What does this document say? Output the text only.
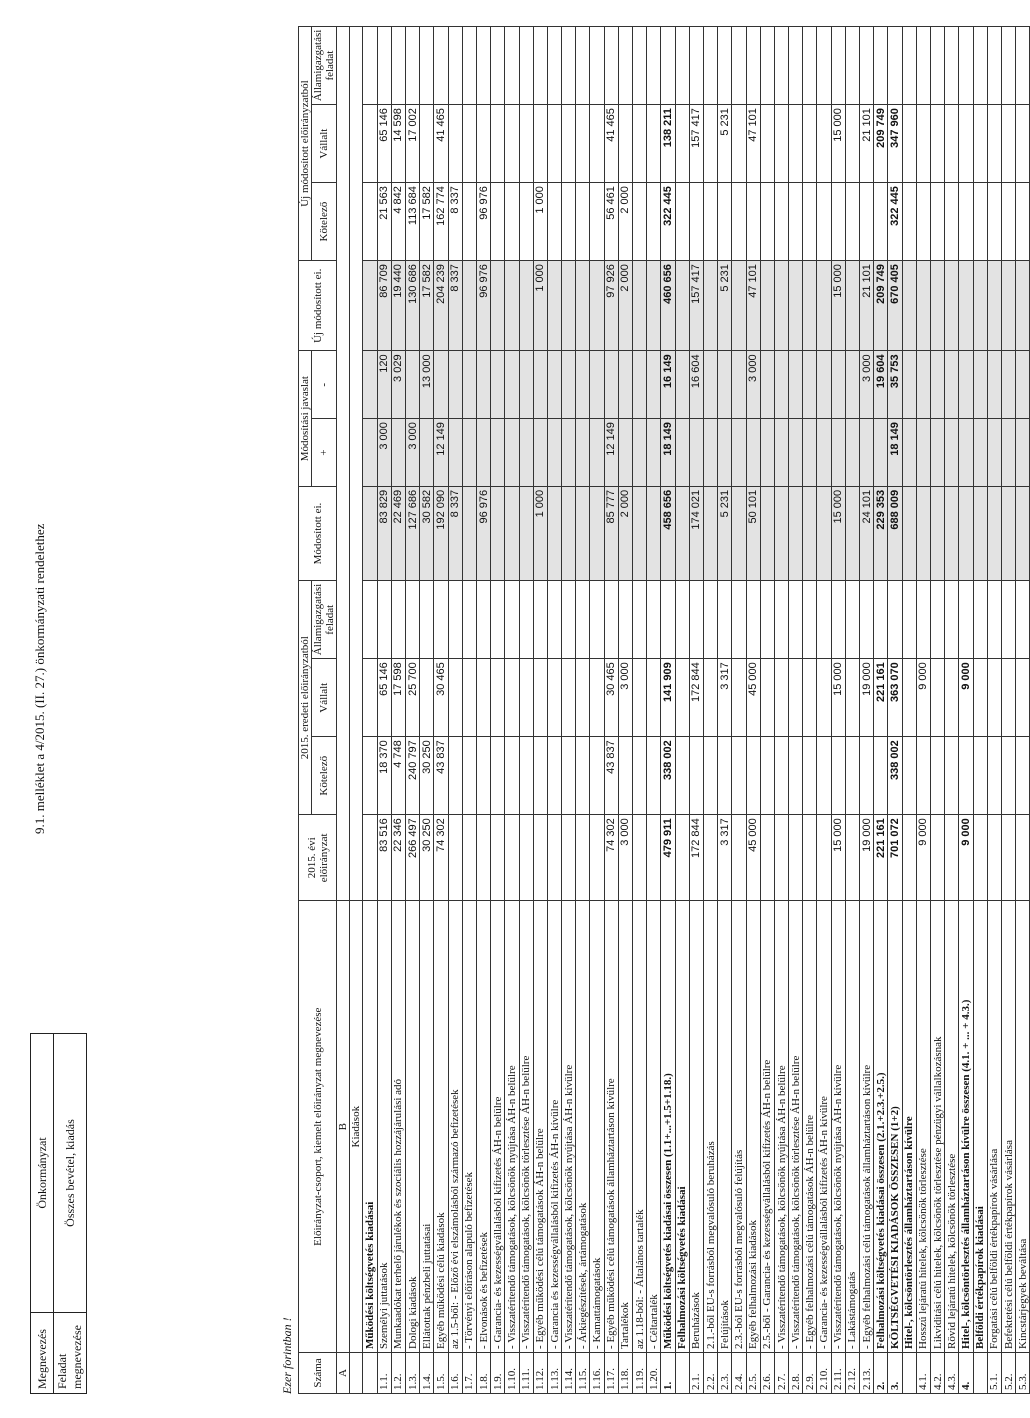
9.1. melléklet a 4/2015. (II. 27.) önkormányzati rendelethez
Megnevezés	Önkormányzat
Feladat megnevezése	Összes bevétel, kiadás
Ezer forintban ! Száma	Előirányzat-csoport, kiemelt előirányzat megnevezése	2015. évi előirányzat	2015. eredeti előirányzatból			Módosított ei.	Módosítási javaslat		Új módosított ei.	Új módosított előirányzatból		
			Kötelező	Vállalt	Államigazgatási feladat					Kötelező	Vállalt	Államigazgatási feladat
							+	-				
A	B											
	Kiadások											
	Működési költségvetés kiadásai											
1.1.	Személyi juttatások	83 516	18 370	65 146		83 829	3 000	120	86 709	21 563	65 146	
1.2.	Munkaadókat terhelő járulékok és szociális hozzájárulási adó	22 346	4 748	17 598		22 469		3 029	19 440	4 842	14 598	
1.3.	Dologi kiadások	266 497	240 797	25 700		127 686	3 000		130 686	113 684	17 002	
1.4.	Ellátottak pénzbeli juttatásai	30 250	30 250			30 582		13 000	17 582	17 582		
1.5.	Egyéb működési célú kiadások	74 302	43 837	30 465		192 090	12 149		204 239	162 774	41 465	
1.6.	az 1.5-ből: - Előző évi elszámolásból származó befizetések					8 337			8 337	8 337		
1.7.	- Törvényi előíráson alapuló befizetések											
1.8.	- Elvonások és befizetések					96 976			96 976	96 976		
1.9.	- Garancia- és kezességvállalásból kifizetés ÁH-n belülre											
1.10.	- Visszatérítendő támogatások, kölcsönök nyújtása ÁH-n belülre											
1.11.	- Visszatérítendő támogatások, kölcsönök törlesztése ÁH-n belülre											
1.12.	- Egyéb működési célú támogatások ÁH-n belülre					1 000			1 000	1 000		
1.13.	- Garancia és kezességvállalásból kifizetés ÁH-n kívülre											
1.14.	- Visszatérítendő támogatások, kölcsönök nyújtása ÁH-n kívülre											
1.15.	- Árkiegészítések, ártámogatások											
1.16.	- Kamattámogatások											
1.17.	- Egyéb működési célú támogatások államháztartáson kívülre	74 302	43 837	30 465		85 777	12 149		97 926	56 461	41 465	
1.18.	Tartalékok	3 000		3 000		2 000			2 000	2 000		
1.19.	az 1.18-ból: - Általános tartalék											
1.20.	- Céltartalék											
1.	Működési költségvetés kiadásai összesen (1.1+...+1.5+1.18.)	479 911	338 002	141 909		458 656	18 149	16 149	460 656	322 445	138 211	
	Felhalmozási költségvetés kiadásai											
2.1.	Beruházások	172 844		172 844		174 021		16 604	157 417		157 417	
2.2.	2.1.-ből EU-s forrásból megvalósuló beruházás											
2.3.	Felújítások	3 317		3 317		5 231			5 231		5 231	
2.4.	2.3.-ból EU-s forrásból megvalósuló felújítás											
2.5.	Egyéb felhalmozási kiadások	45 000		45 000		50 101		3 000	47 101		47 101	
2.6.	2.5.-ből - Garancia- és kezességvállalásból kifizetés ÁH-n belülre											
2.7.	- Visszatérítendő támogatások, kölcsönök nyújtása ÁH-n belülre											
2.8.	- Visszatérítendő támogatások, kölcsönök törlesztése ÁH-n belülre											
2.9.	- Egyéb felhalmozási célú támogatások ÁH-n belülre											
2.10.	- Garancia- és kezességvállalásból kifizetés ÁH-n kívülre											
2.11.	- Visszatérítendő támogatások, kölcsönök nyújtása ÁH-n kívülre	15 000		15 000		15 000			15 000		15 000	
2.12.	- Lakástámogatás											
2.13.	- Egyéb felhalmozási célú támogatások államháztartáson kívülre	19 000		19 000		24 101		3 000	21 101		21 101	
2.	Felhalmozási költségvetés kiadásai összesen (2.1.+2.3.+2.5.)	221 161		221 161		229 353		19 604	209 749		209 749	
3.	KÖLTSÉGVETÉSI KIADÁSOK ÖSSZESEN (1+2)	701 072	338 002	363 070		688 009	18 149	35 753	670 405	322 445	347 960	
	Hitel-, kölcsöntörlesztés államháztartáson kívülre											
4.1.	Hosszú lejáratú hitelek, kölcsönök törlesztése	9 000		9 000								
4.2.	Likviditási célú hitelek, kölcsönök törlesztése pénzügyi vállalkozásnak											
4.3.	Rövid lejáratú hitelek, kölcsönök törlesztése											
4.	Hitel-, kölcsöntörlesztés államháztartáson kívülre összesen (4.1. + ... + 4.3.)	9 000		9 000								
	Belföldi értékpapírok kiadásai											
5.1.	Forgatási célú belföldi értékpapírok vásárlása											
5.2.	Befektetési célú belföldi értékpapírok vásárlása											
5.3.	Kincstárjegyek beváltása											
